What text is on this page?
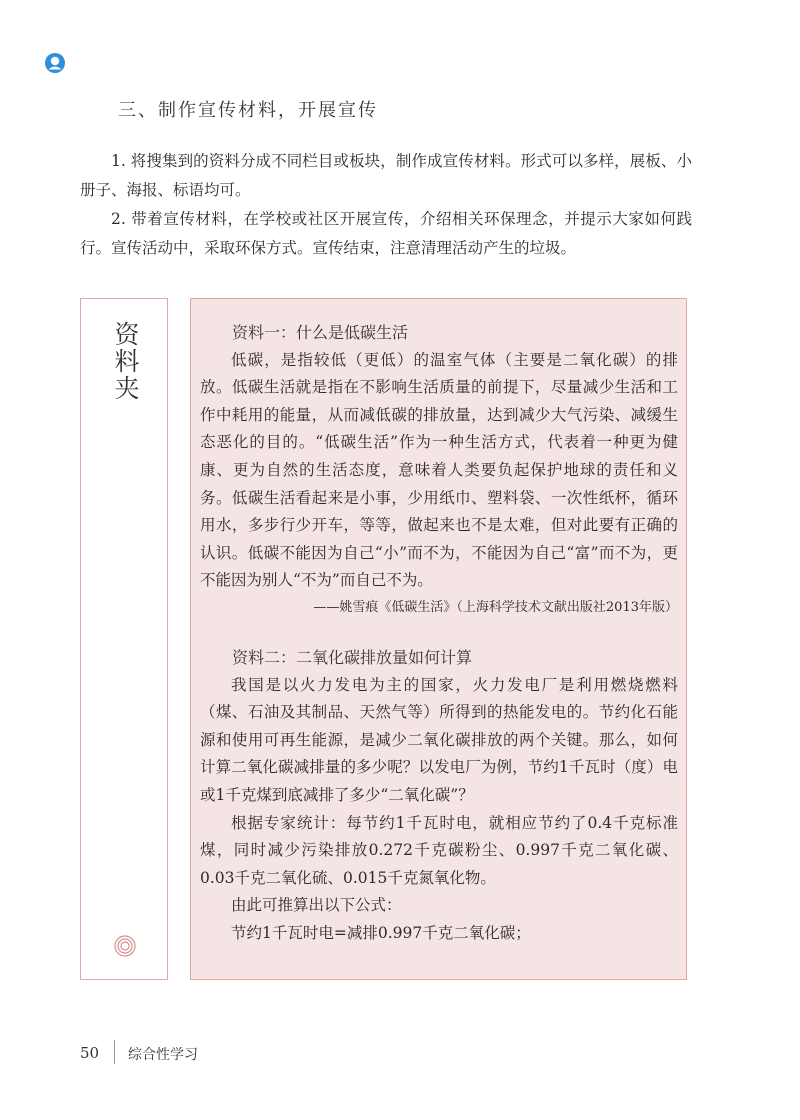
三、制作宣传材料，开展宣传

1. 将搜集到的资料分成不同栏目或板块，制作成宣传材料。形式可以多样，展板、小册子、海报、标语均可。

2. 带着宣传材料，在学校或社区开展宣传，介绍相关环保理念，并提示大家如何践行。宣传活动中，采取环保方式。宣传结束，注意清理活动产生的垃圾。

资料夹	资料一：什么是低碳生活

低碳，是指较低（更低）的温室气体（主要是二氧化碳）的排放。低碳生活就是指在不影响生活质量的前提下，尽量减少生活和工作中耗用的能量，从而减低碳的排放量，达到减少大气污染、减缓生态恶化的目的。“低碳生活”作为一种生活方式，代表着一种更为健康、更为自然的生活态度，意味着人类要负起保护地球的责任和义务。低碳生活看起来是小事，少用纸巾、塑料袋、一次性纸杯，循环用水，多步行少开车，等等，做起来也不是太难，但对此要有正确的认识。低碳不能因为自己“小”而不为，不能因为自己“富”而不为，更不能因为别人“不为”而自己不为。

——姚雪痕《低碳生活》（上海科学技术文献出版社2013年版）
资料二：二氧化碳排放量如何计算

我国是以火力发电为主的国家，火力发电厂是利用燃烧燃料（煤、石油及其制品、天然气等）所得到的热能发电的。节约化石能源和使用可再生能源，是减少二氧化碳排放的两个关键。那么，如何计算二氧化碳减排量的多少呢？以发电厂为例，节约1千瓦时（度）电或1千克煤到底减排了多少“二氧化碳”？

根据专家统计：每节约1千瓦时电，就相应节约了0.4千克标准煤，同时减少污染排放0.272千克碳粉尘、0.997千克二氧化碳、0.03千克二氧化硫、0.015千克氮氧化物。

由此可推算出以下公式：

节约1千瓦时电=减排0.997千克二氧化碳；

50 综合性学习
